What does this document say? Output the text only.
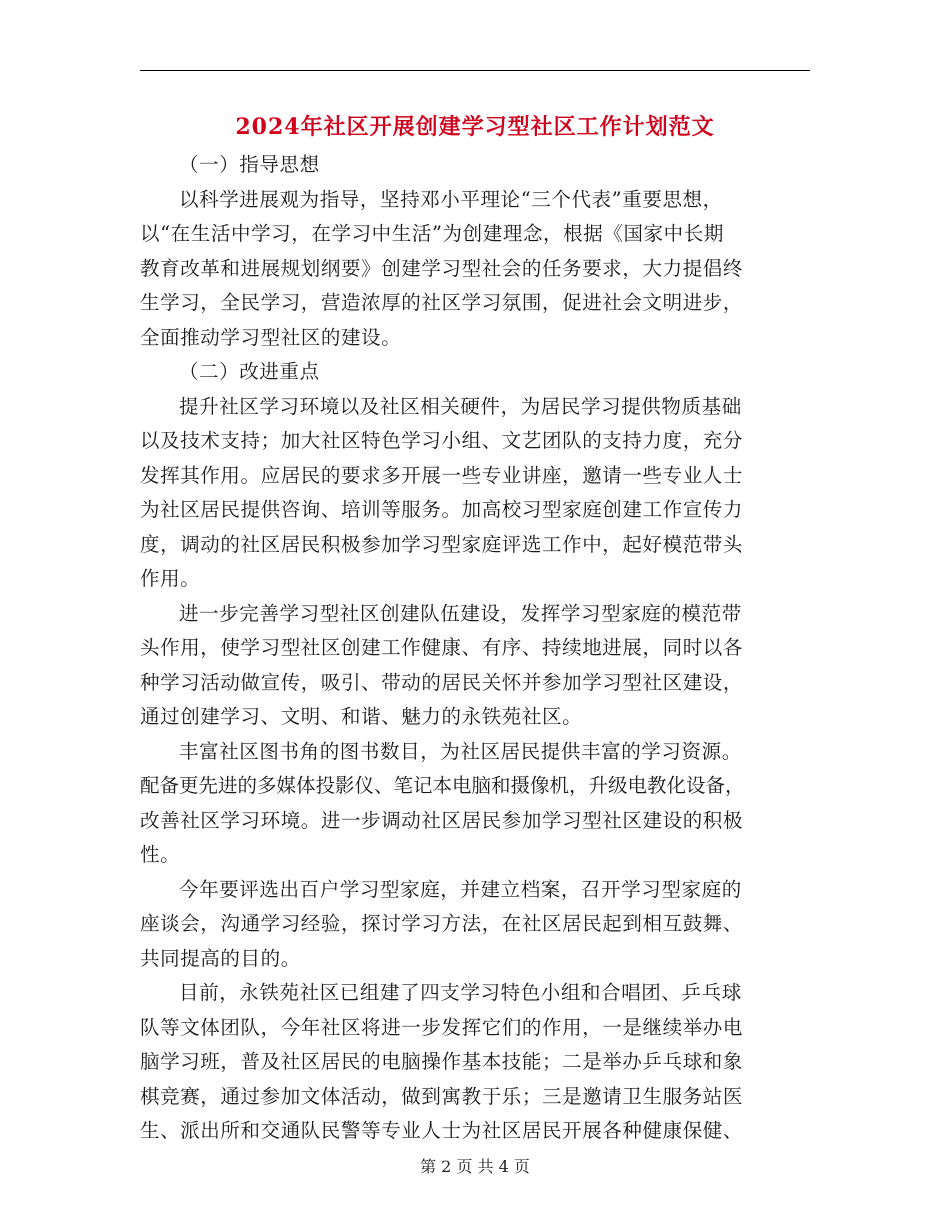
2024年社区开展创建学习型社区工作计划范文
（一）指导思想
以科学进展观为指导，坚持邓小平理论“三个代表”重要思想，
以“在生活中学习，在学习中生活”为创建理念，根据《国家中长期
教育改革和进展规划纲要》创建学习型社会的任务要求，大力提倡终
生学习，全民学习，营造浓厚的社区学习氛围，促进社会文明进步，
全面推动学习型社区的建设。
（二）改进重点
提升社区学习环境以及社区相关硬件，为居民学习提供物质基础
以及技术支持；加大社区特色学习小组、文艺团队的支持力度，充分
发挥其作用。应居民的要求多开展一些专业讲座，邀请一些专业人士
为社区居民提供咨询、培训等服务。加高校习型家庭创建工作宣传力
度，调动的社区居民积极参加学习型家庭评选工作中，起好模范带头
作用。
进一步完善学习型社区创建队伍建设，发挥学习型家庭的模范带
头作用，使学习型社区创建工作健康、有序、持续地进展，同时以各
种学习活动做宣传，吸引、带动的居民关怀并参加学习型社区建设，
通过创建学习、文明、和谐、魅力的永铁苑社区。
丰富社区图书角的图书数目，为社区居民提供丰富的学习资源。
配备更先进的多媒体投影仪、笔记本电脑和摄像机，升级电教化设备，
改善社区学习环境。进一步调动社区居民参加学习型社区建设的积极
性。
今年要评选出百户学习型家庭，并建立档案，召开学习型家庭的
座谈会，沟通学习经验，探讨学习方法，在社区居民起到相互鼓舞、
共同提高的目的。
目前，永铁苑社区已组建了四支学习特色小组和合唱团、乒乓球
队等文体团队，今年社区将进一步发挥它们的作用，一是继续举办电
脑学习班，普及社区居民的电脑操作基本技能；二是举办乒乓球和象
棋竞赛，通过参加文体活动，做到寓教于乐；三是邀请卫生服务站医
生、派出所和交通队民警等专业人士为社区居民开展各种健康保健、
第 2 页 共 4 页
